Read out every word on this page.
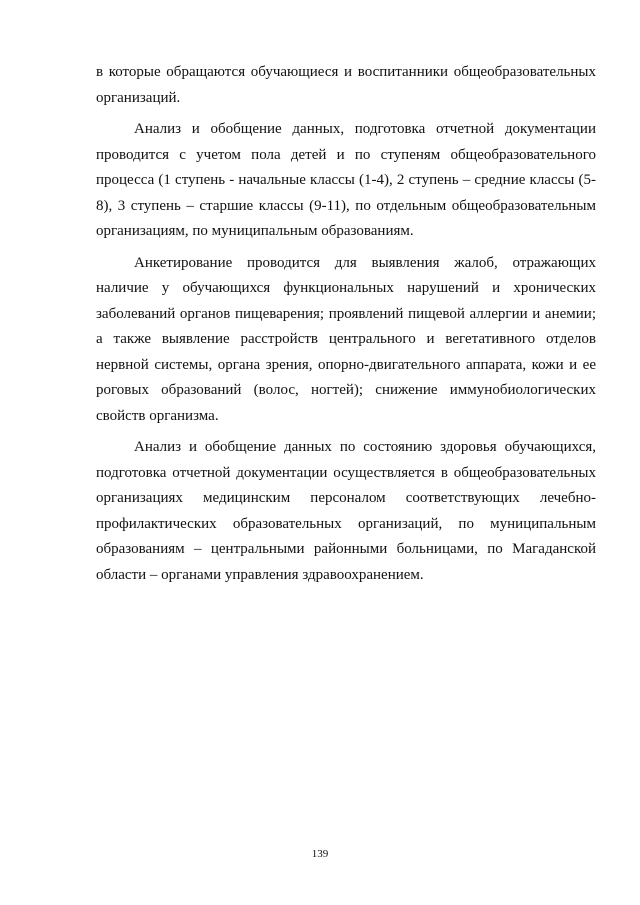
в которые обращаются обучающиеся и воспитанники общеобразовательных организаций.

Анализ и обобщение данных, подготовка отчетной документации проводится с учетом пола детей и по ступеням общеобразовательного процесса (1 ступень - начальные классы (1-4), 2 ступень – средние классы (5-8), 3 ступень – старшие классы (9-11), по отдельным общеобразовательным организациям, по муниципальным образованиям.

Анкетирование проводится для выявления жалоб, отражающих наличие у обучающихся функциональных нарушений и хронических заболеваний органов пищеварения; проявлений пищевой аллергии и анемии; а также выявление расстройств центрального и вегетативного отделов нервной системы, органа зрения, опорно-двигательного аппарата, кожи и ее роговых образований (волос, ногтей); снижение иммунобиологических свойств организма.

Анализ и обобщение данных по состоянию здоровья обучающихся, подготовка отчетной документации осуществляется в общеобразовательных организациях медицинским персоналом соответствующих лечебно-профилактических образовательных организаций, по муниципальным образованиям – центральными районными больницами, по Магаданской области – органами управления здравоохранением.

139
